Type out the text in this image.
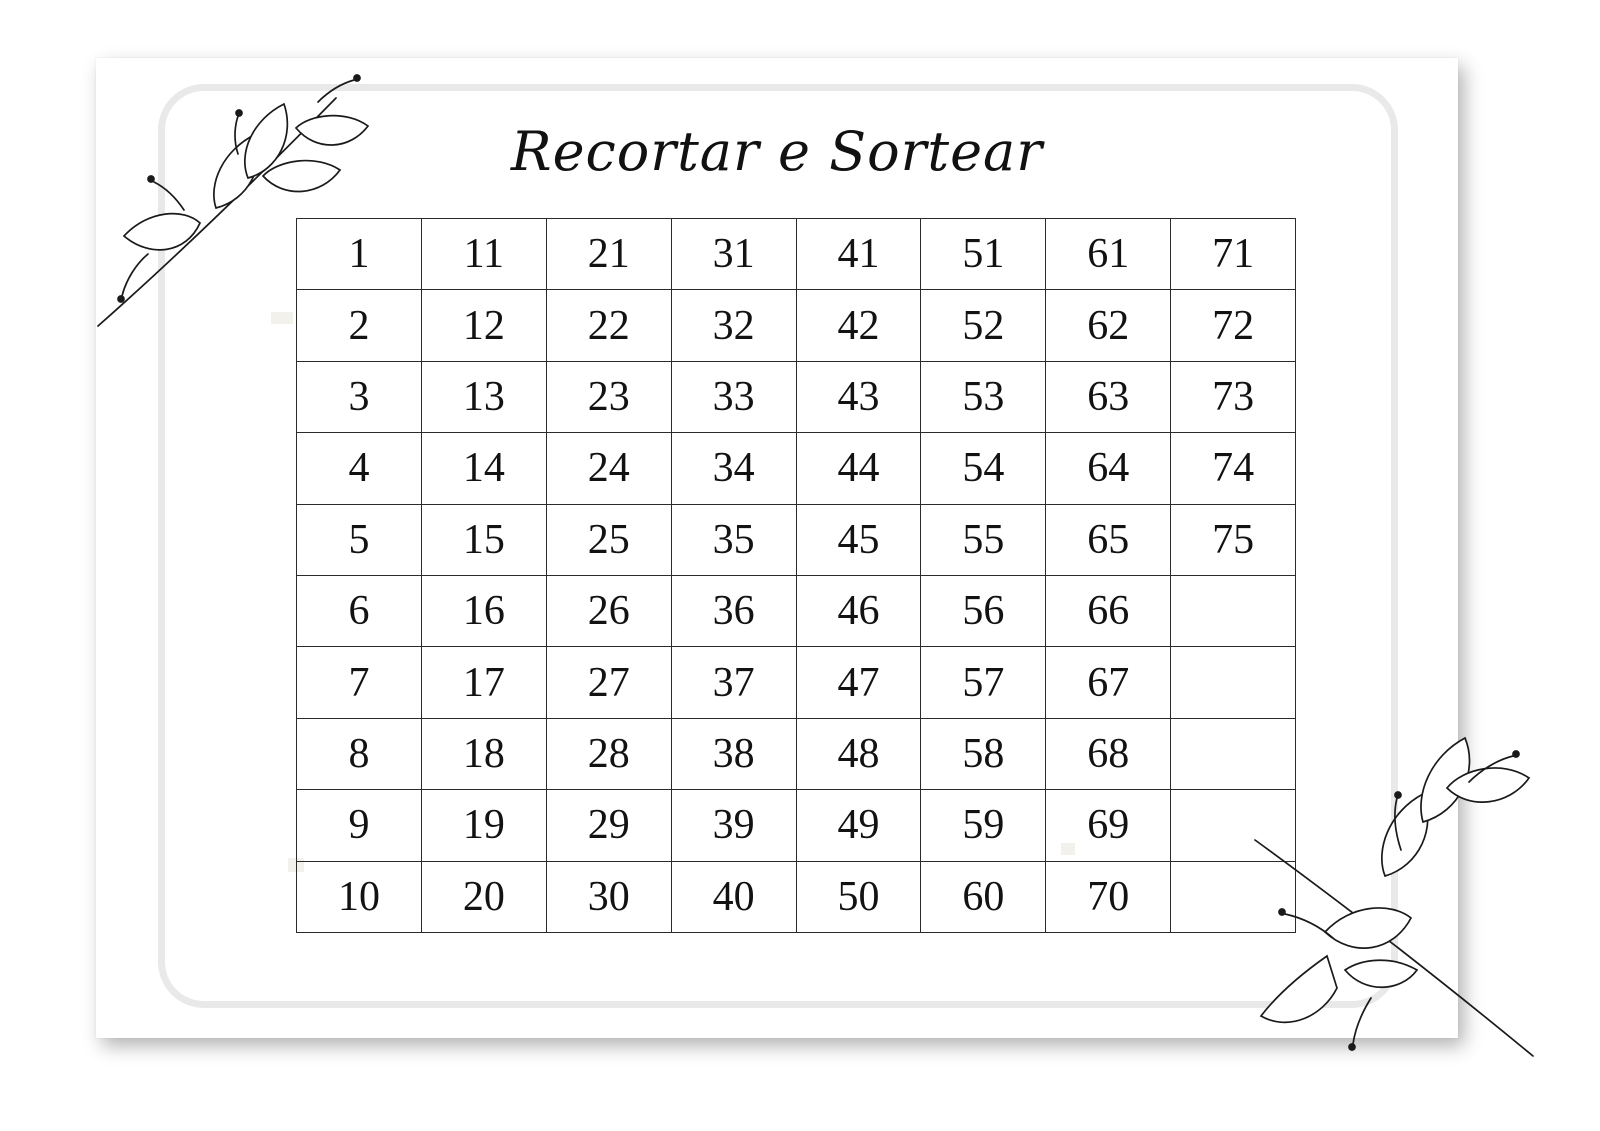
Recortar e Sortear
1	11	21	31	41	51	61	71
2	12	22	32	42	52	62	72
3	13	23	33	43	53	63	73
4	14	24	34	44	54	64	74
5	15	25	35	45	55	65	75
6	16	26	36	46	56	66	
7	17	27	37	47	57	67	
8	18	28	38	48	58	68	
9	19	29	39	49	59	69	
10	20	30	40	50	60	70	
